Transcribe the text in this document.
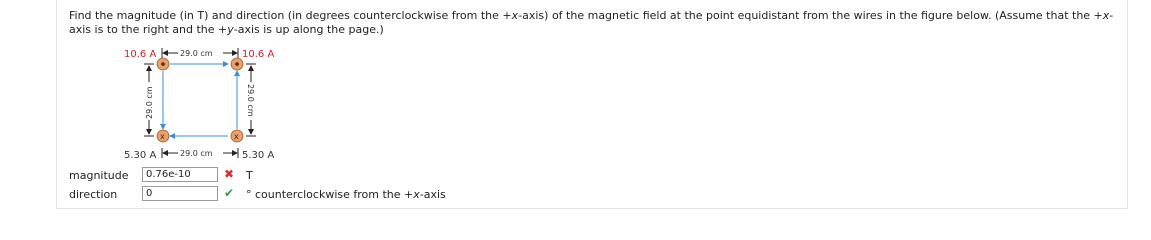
Find the magnitude (in T) and direction (in degrees counterclockwise from the +x-axis) of the magnetic field at the point equidistant from the wires in the figure below. (Assume that the +x-axis is to the right and the +y-axis is up along the page.)
10.6 A	10.6 A
5.30 A	5.30 A
29.0 cm
29.0 cm
29.0 cm	29.0 cm
x	x
magnitude
0.76e-10	✖ T
direction
0	✔ ° counterclockwise from the +x-axis
